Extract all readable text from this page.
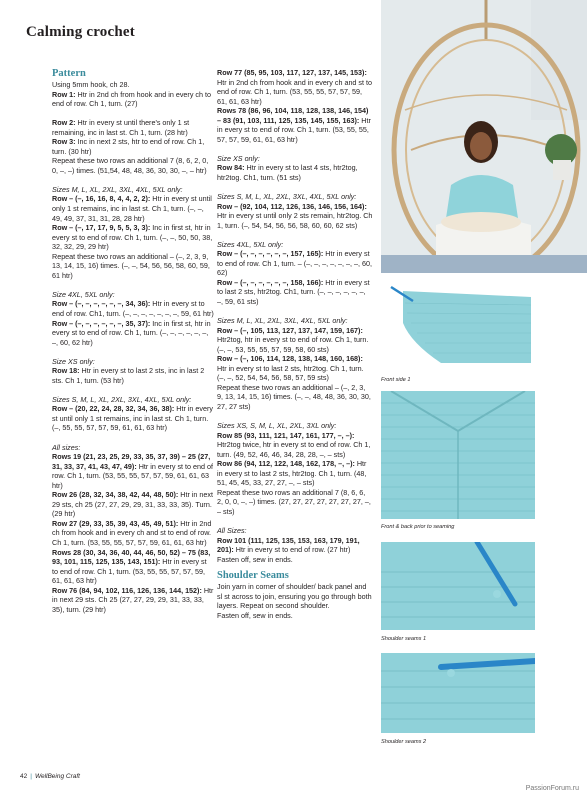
Calming crochet
Pattern
Using 5mm hook, ch 28.
Row 1: Htr in 2nd ch from hook and in every ch to end of row. Ch 1, turn. (27)
Row 2: Htr in every st until there's only 1 st remaining, inc in last st. Ch 1, turn. (28 htr)
Row 3: Inc in next 2 sts, htr to end of row. Ch 1, turn. (30 htr)
Repeat these two rows an additional 7 (8, 6, 2, 0, 0, –, –) times. (51,54, 48, 48, 36, 30, 30, –, – htr)
Sizes M, L, XL, 2XL, 3XL, 4XL, 5XL only:
Row – (–, 16, 16, 8, 4, 4, 2, 2): Htr in every st until only 1 st remains, inc in last st. Ch 1, turn. (–, –, 49, 49, 37, 31, 31, 28, 28 htr)
Row – (–, 17, 17, 9, 5, 5, 3, 3): Inc in first st, htr in every st to end of row. Ch 1, turn. (–, –, 50, 50, 38, 32, 32, 29, 29 htr)
Repeat these two rows an additional – (–, 2, 3, 9, 13, 14, 15, 16) times. (–, –, 54, 56, 56, 58, 60, 59, 61 htr)
Size 4XL, 5XL only:
Row – (–, –, –, –, –, –, 34, 36): Htr in every st to end of row. Ch1, turn. (–, –, –, –, –, –, –, 59, 61 htr)
Row – (–, –, –, –, –, –, 35, 37): Inc in first st, htr in every st to end of row. Ch 1, turn. (–, –, –, –, –, –, –, 60, 62 htr)
Size XS only:
Row 18: Htr in every st to last 2 sts, inc in last 2 sts. Ch 1, turn. (53 htr)
Sizes S, M, L, XL, 2XL, 3XL, 4XL, 5XL only:
Row – (20, 22, 24, 28, 32, 34, 36, 38): Htr in every st until only 1 st remains, inc in last st. Ch 1, turn. (–, 55, 55, 57, 57, 59, 61, 61, 63 htr)
All sizes:
Rows 19 (21, 23, 25, 29, 33, 35, 37, 39) – 25 (27, 31, 33, 37, 41, 43, 47, 49): Htr in every st to end of row. Ch 1, turn. (53, 55, 55, 57, 57, 59, 61, 61, 63 htr)
Row 26 (28, 32, 34, 38, 42, 44, 48, 50): Htr in next 29 sts, ch 25 (27, 27, 29, 29, 31, 33, 33, 35). Turn. (29 htr)
Row 27 (29, 33, 35, 39, 43, 45, 49, 51): Htr in 2nd ch from hook and in every ch and st to end of row. Ch 1, turn. (53, 55, 55, 57, 57, 59, 61, 61, 63 htr)
Rows 28 (30, 34, 36, 40, 44, 46, 50, 52) – 75 (83, 93, 101, 115, 125, 135, 143, 151): Htr in every st to end of row. Ch 1, turn. (53, 55, 55, 57, 57, 59, 61, 61, 63 htr)
Row 76 (84, 94, 102, 116, 126, 136, 144, 152): Htr in next 29 sts. Ch 25 (27, 27, 29, 29, 31, 33, 33, 35), turn. (29 htr)
Row 77 (85, 95, 103, 117, 127, 137, 145, 153): Htr in 2nd ch from hook and in every ch and st to end of row. Ch 1, turn. (53, 55, 55, 57, 57, 59, 61, 61, 63 htr)
Rows 78 (86, 96, 104, 118, 128, 138, 146, 154) – 83 (91, 103, 111, 125, 135, 145, 155, 163): Htr in every st to end of row. Ch 1, turn. (53, 55, 55, 57, 57, 59, 61, 61, 63 htr)
Size XS only:
Row 84: Htr in every st to last 4 sts, htr2tog, htr2tog. Ch1, turn. (51 sts)
Sizes S, M, L, XL, 2XL, 3XL, 4XL, 5XL only:
Row – (92, 104, 112, 126, 136, 146, 156, 164): Htr in every st until only 2 sts remain, htr2tog. Ch 1, turn. (–, 54, 54, 56, 56, 58, 60, 60, 62 sts)
Sizes 4XL, 5XL only:
Row – (–, –, –, –, –, –, 157, 165): Htr in every st to end of row. Ch 1, turn. – (–, –, –, –, –, –, –, 60, 62)
Row – (–, –, –, –, –, –, 158, 166): Htr in every st to last 2 sts, htr2tog. Ch1, turn. (–, –, –, –, –, –, –, 59, 61 sts)
Sizes M, L, XL, 2XL, 3XL, 4XL, 5XL only:
Row – (–, 105, 113, 127, 137, 147, 159, 167): Htr2tog, htr in every st to end of row. Ch 1, turn. (–, –, 53, 55, 55, 57, 59, 58, 60 sts)
Row – (–, 106, 114, 128, 138, 148, 160, 168): Htr in every st to last 2 sts, htr2tog. Ch 1, turn. (–, –, 52, 54, 54, 56, 58, 57, 59 sts)
Repeat these two rows an additional – (–, 2, 3, 9, 13, 14, 15, 16) times. (–, –, 48, 48, 36, 30, 30, 27, 27 sts)
Sizes XS, S, M, L, XL, 2XL, 3XL only:
Row 85 (93, 111, 121, 147, 161, 177, –, –): Htr2tog twice, htr in every st to end of row. Ch 1, turn. (49, 52, 46, 46, 34, 28, 28, –, – sts)
Row 86 (94, 112, 122, 148, 162, 178, –, –): Htr in every st to last 2 sts, htr2tog. Ch 1, turn. (48, 51, 45, 45, 33, 27, 27, –, – sts)
Repeat these two rows an additional 7 (8, 6, 6, 2, 0, 0, –, –) times. (27, 27, 27, 27, 27, 27, 27, –, – sts)
All Sizes:
Row 101 (111, 125, 135, 153, 163, 179, 191, 201): Htr in every st to end of row. (27 htr) Fasten off, sew in ends.
Shoulder Seams
Join yarn in corner of shoulder/ back panel and sl st across to join, ensuring you go through both layers. Repeat on second shoulder.
Fasten off, sew in ends.
Front side 1
Front & back prior to seaming
Shoulder seams 1
Shoulder seams 2
42 | WellBeing Craft
PassionForum.ru
